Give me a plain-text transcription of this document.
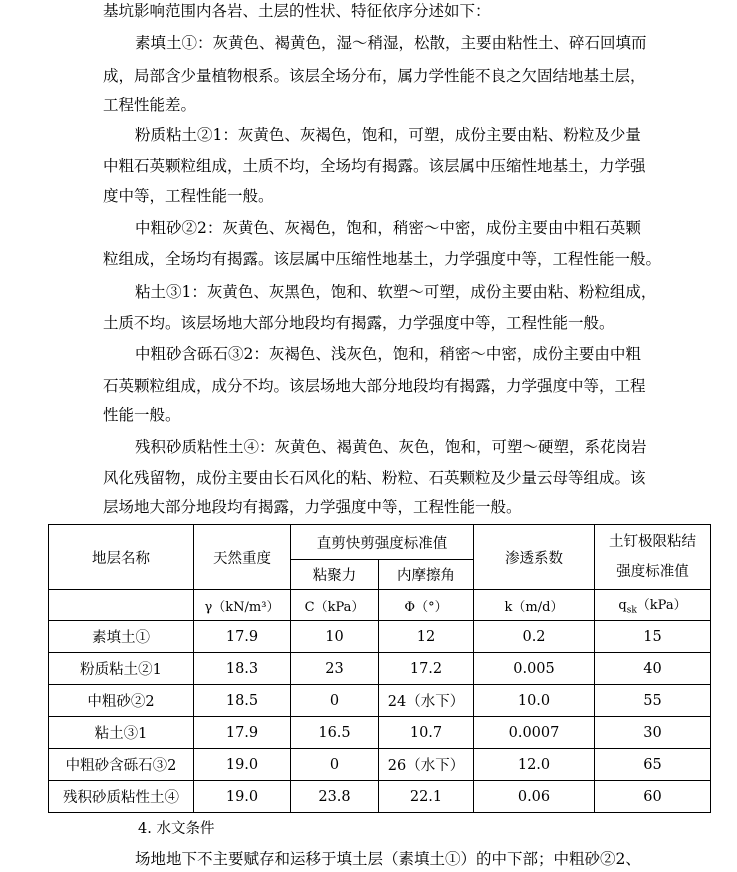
基坑影响范围内各岩、土层的性状、特征依序分述如下：
素填土①：灰黄色、褐黄色，湿～稍湿，松散，主要由粘性土、碎石回填而
成，局部含少量植物根系。该层全场分布，属力学性能不良之欠固结地基土层，
工程性能差。
粉质粘土②1：灰黄色、灰褐色，饱和，可塑，成份主要由粘、粉粒及少量
中粗石英颗粒组成，土质不均，全场均有揭露。该层属中压缩性地基土，力学强
度中等，工程性能一般。
中粗砂②2：灰黄色、灰褐色，饱和，稍密～中密，成份主要由中粗石英颗
粒组成，全场均有揭露。该层属中压缩性地基土，力学强度中等，工程性能一般。
粘土③1：灰黄色、灰黑色，饱和、软塑～可塑，成份主要由粘、粉粒组成，
土质不均。该层场地大部分地段均有揭露，力学强度中等，工程性能一般。
中粗砂含砾石③2：灰褐色、浅灰色，饱和，稍密～中密，成份主要由中粗
石英颗粒组成，成分不均。该层场地大部分地段均有揭露，力学强度中等，工程
性能一般。
残积砂质粘性土④：灰黄色、褐黄色、灰色，饱和，可塑～硬塑，系花岗岩
风化残留物，成份主要由长石风化的粘、粉粒、石英颗粒及少量云母等组成。该
层场地大部分地段均有揭露，力学强度中等，工程性能一般。
地层名称	天然重度	直剪快剪强度标准值		渗透系数	土钉极限粘结
强度标准值

		粘聚力	内摩擦角		
	γ（kN/m³）	C（kPa）	Φ（°）	k（m/d）	$q_{sk}(kPa)$
素填土①	17.9	10	12	0.2	15
粉质粘土②1	18.3	23	17.2	0.005	40
中粗砂②2	18.5	0	24（水下）	10.0	55
粘土③1	17.9	16.5	10.7	0.0007	30
中粗砂含砾石③2	19.0	0	26（水下）	12.0	65
残积砂质粘性土④	19.0	23.8	22.1	0.06	60
4. 水文条件
场地地下不主要赋存和运移于填土层（素填土①）的中下部；中粗砂②2、
